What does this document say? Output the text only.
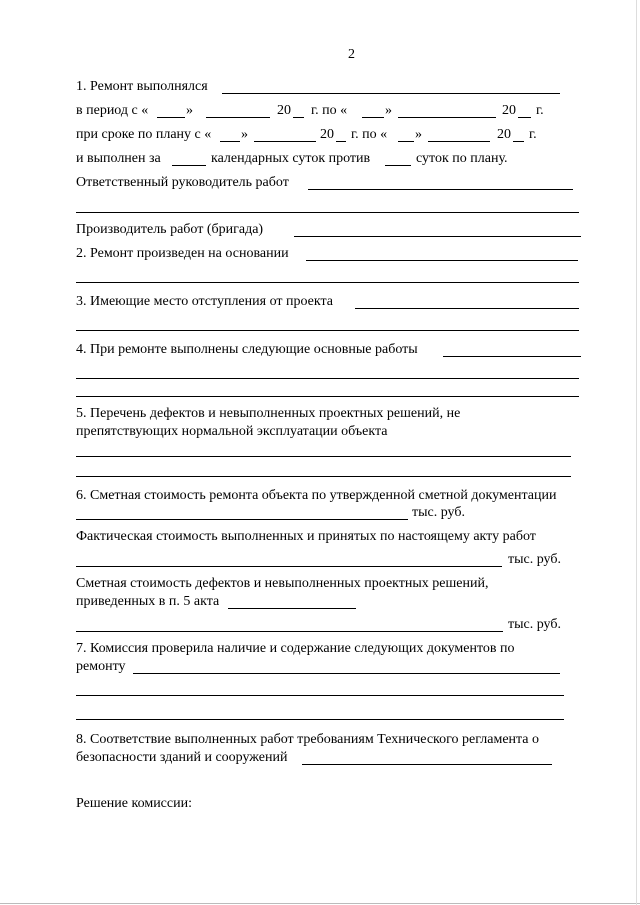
2
1. Ремонт выполнялся
в период с «	»	20 г. по «	»	20 г.
при сроке по плану с « »	20 г. по « »	20 г.
и выполнен за	календарных суток против	суток по плану.
Ответственный руководитель работ
Производитель работ (бригада)
2. Ремонт произведен на основании
3. Имеющие место отступления от проекта
4. При ремонте выполнены следующие основные работы
5. Перечень дефектов и невыполненных проектных решений, не
препятствующих нормальной эксплуатации объекта
6. Сметная стоимость ремонта объекта по утвержденной сметной документации
тыс. руб.
Фактическая стоимость выполненных и принятых по настоящему акту работ
тыс. руб.
Сметная стоимость дефектов и невыполненных проектных решений,
приведенных в п. 5 акта
тыс. руб.
7. Комиссия проверила наличие и содержание следующих документов по
ремонту
8. Соответствие выполненных работ требованиям Технического регламента о
безопасности зданий и сооружений
Решение комиссии:
